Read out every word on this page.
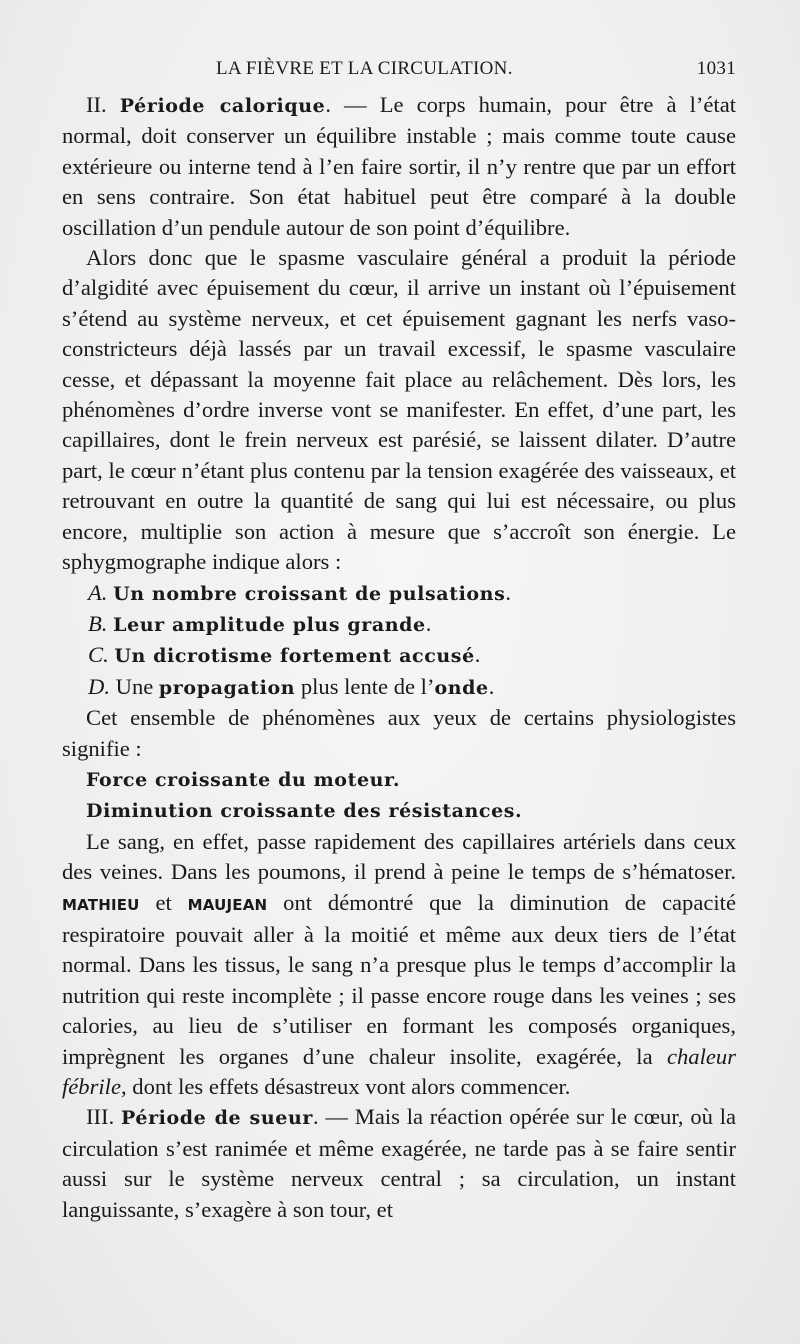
LA FIÈVRE ET LA CIRCULATION.	1031

II. Période calorique. — Le corps humain, pour être à l’état normal, doit conserver un équilibre instable ; mais comme toute cause extérieure ou interne tend à l’en faire sortir, il n’y rentre que par un effort en sens contraire. Son état habituel peut être comparé à la double oscillation d’un pendule autour de son point d’équilibre.

Alors donc que le spasme vasculaire général a produit la période d’algidité avec épuisement du cœur, il arrive un instant où l’épuisement s’étend au système nerveux, et cet épuisement gagnant les nerfs vaso-constricteurs déjà lassés par un travail excessif, le spasme vasculaire cesse, et dépassant la moyenne fait place au relâchement. Dès lors, les phénomènes d’ordre inverse vont se manifester. En effet, d’une part, les capillaires, dont le frein nerveux est parésié, se laissent dilater. D’autre part, le cœur n’étant plus contenu par la tension exagérée des vaisseaux, et retrouvant en outre la quantité de sang qui lui est nécessaire, ou plus encore, multiplie son action à mesure que s’accroît son énergie. Le sphygmographe indique alors :

A. Un nombre croissant de pulsations.

B. Leur amplitude plus grande.

C. Un dicrotisme fortement accusé.

D. Une propagation plus lente de l’onde.

Cet ensemble de phénomènes aux yeux de certains physiologistes signifie :

Force croissante du moteur.

Diminution croissante des résistances.

Le sang, en effet, passe rapidement des capillaires artériels dans ceux des veines. Dans les poumons, il prend à peine le temps de s’hématoser. MATHIEU et MAUJEAN ont démontré que la diminution de capacité respiratoire pouvait aller à la moitié et même aux deux tiers de l’état normal. Dans les tissus, le sang n’a presque plus le temps d’accomplir la nutrition qui reste incomplète ; il passe encore rouge dans les veines ; ses calories, au lieu de s’utiliser en formant les composés organiques, imprègnent les organes d’une chaleur insolite, exagérée, la chaleur fébrile, dont les effets désastreux vont alors commencer.

III. Période de sueur. — Mais la réaction opérée sur le cœur, où la circulation s’est ranimée et même exagérée, ne tarde pas à se faire sentir aussi sur le système nerveux central ; sa circulation, un instant languissante, s’exagère à son tour, et
